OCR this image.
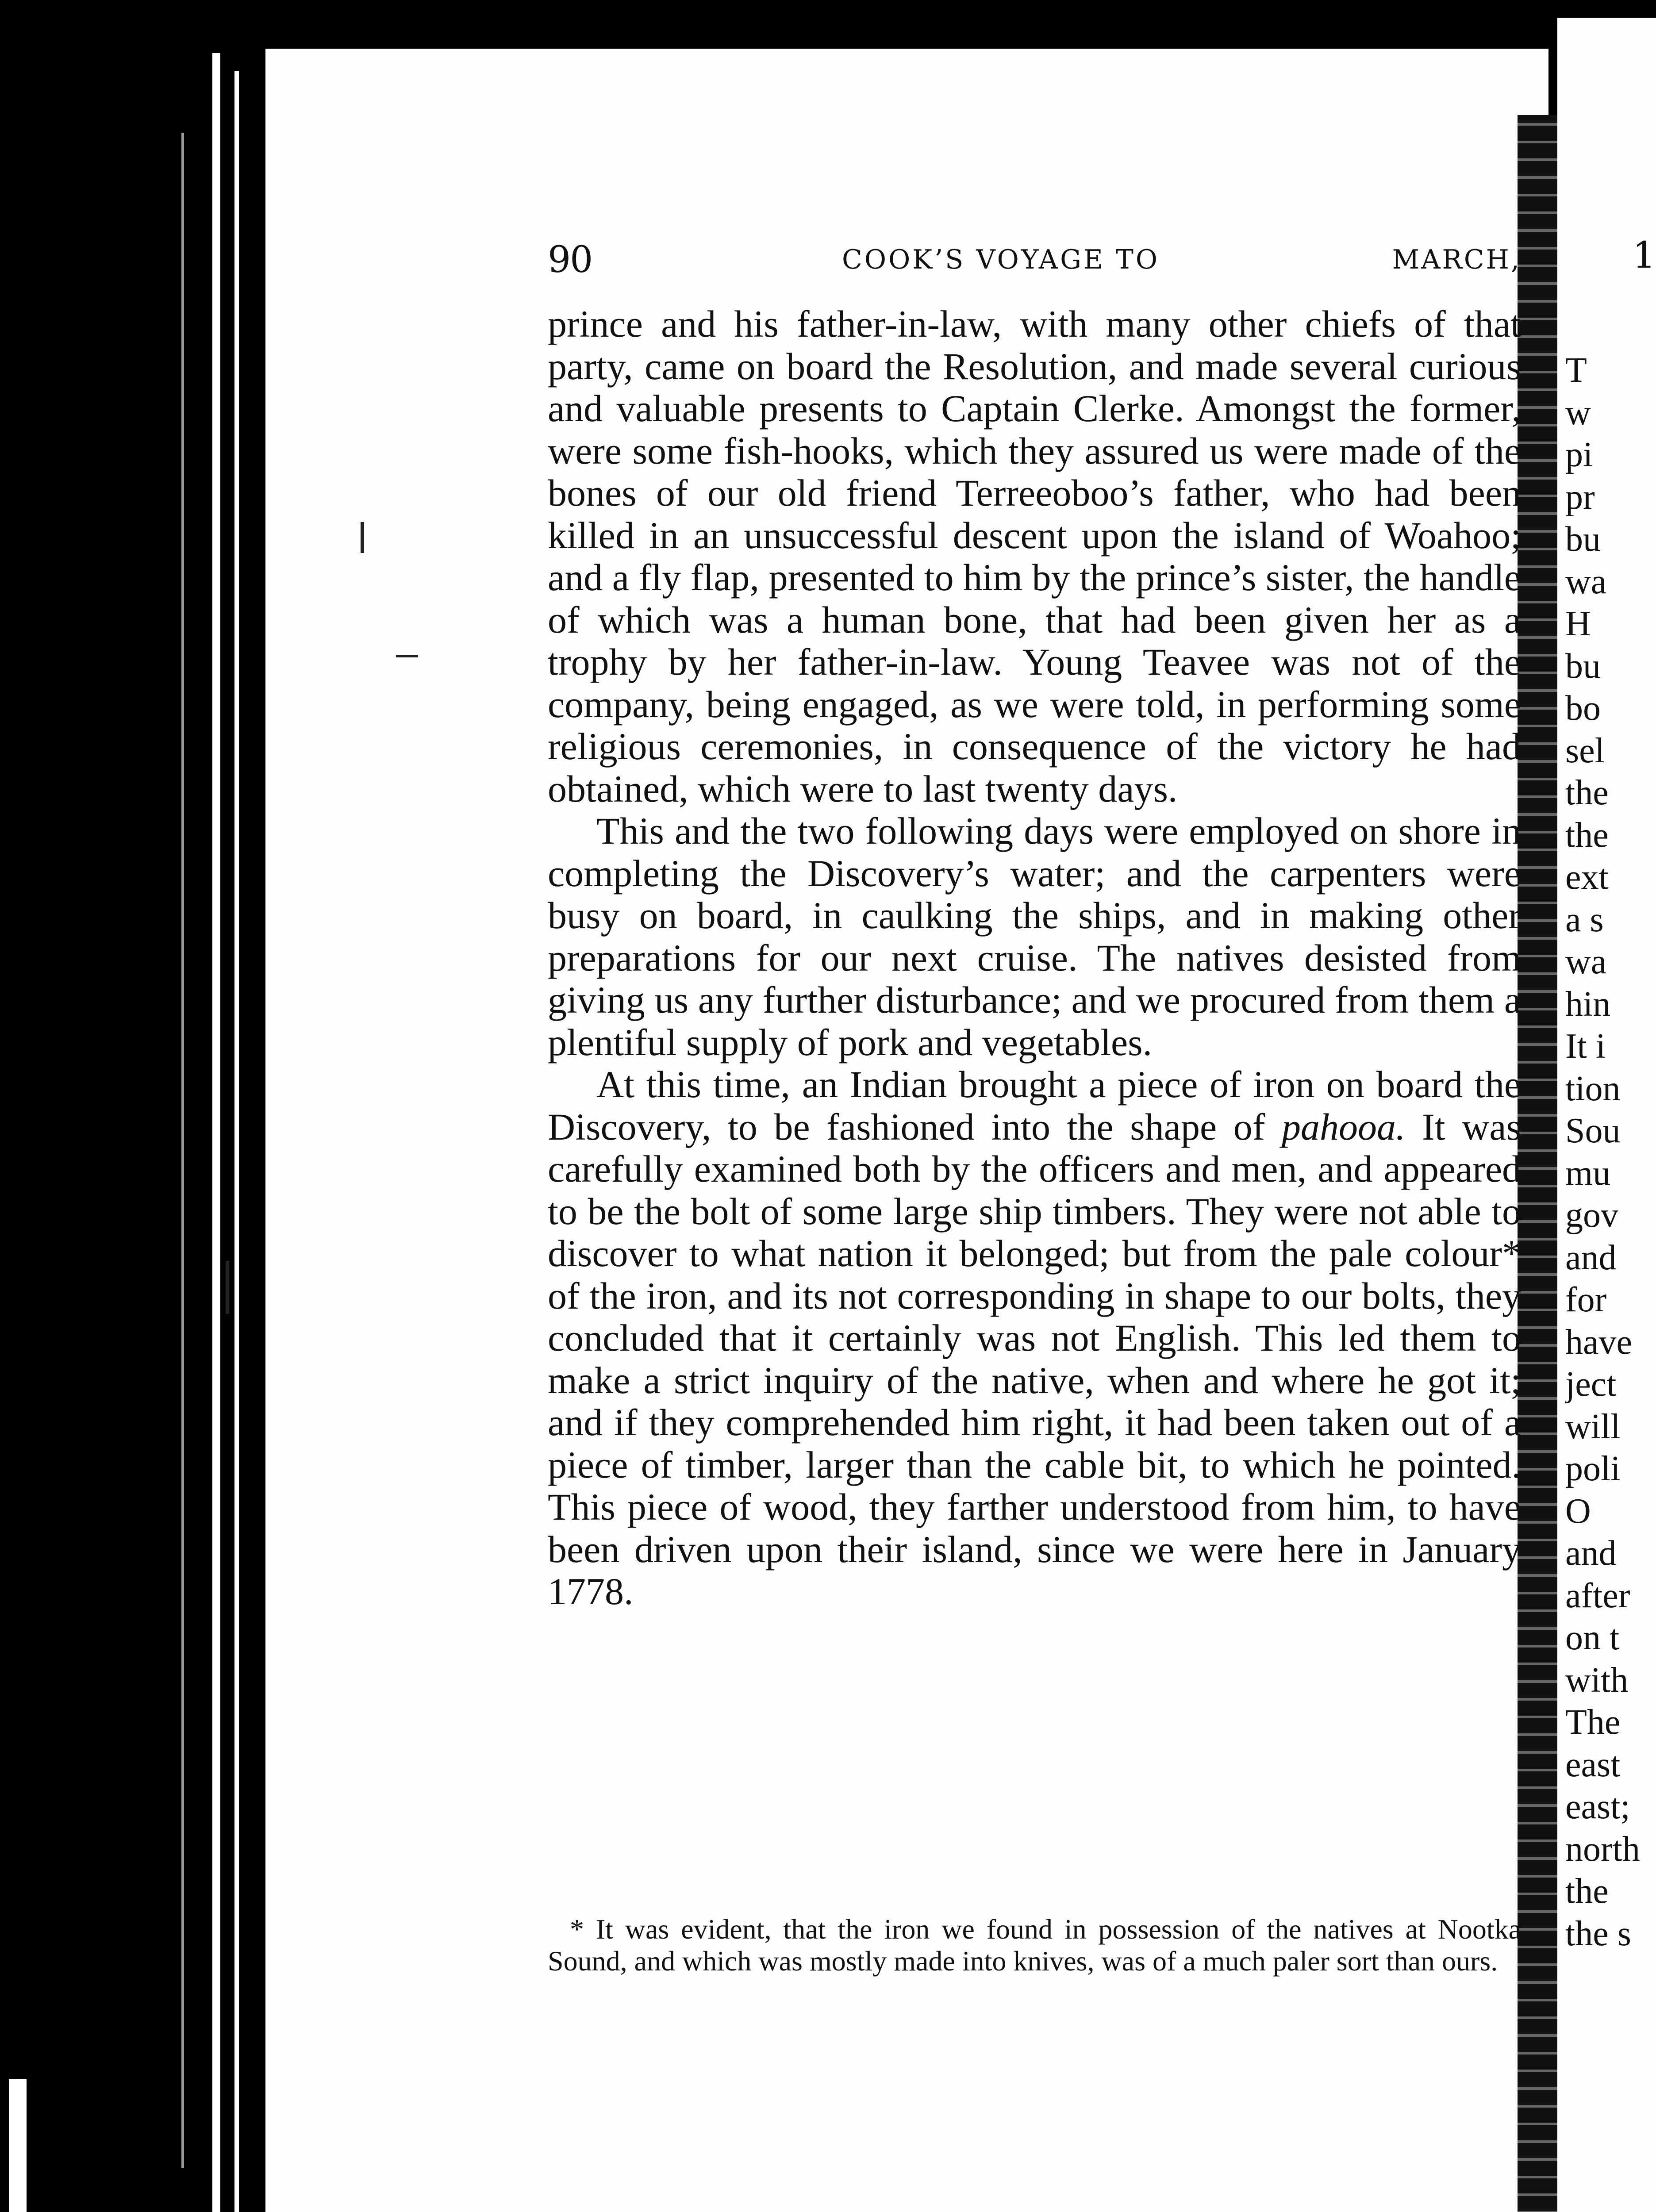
90	COOK’S VOYAGE TO	MARCH,

prince and his father-in-law, with many other chiefs of that party, came on board the Resolution, and made several curious and valuable presents to Captain Clerke. Amongst the former, were some fish-hooks, which they assured us were made of the bones of our old friend Terreeoboo’s father, who had been killed in an unsuccessful descent upon the island of Woahoo; and a fly flap, presented to him by the prince’s sister, the handle of which was a human bone, that had been given her as a trophy by her father-in-law. Young Teavee was not of the company, being engaged, as we were told, in performing some religious ceremonies, in consequence of the victory he had obtained, which were to last twenty days.

This and the two following days were employed on shore in completing the Discovery’s water; and the carpenters were busy on board, in caulking the ships, and in making other preparations for our next cruise. The natives desisted from giving us any further disturbance; and we procured from them a plentiful supply of pork and vegetables.

At this time, an Indian brought a piece of iron on board the Discovery, to be fashioned into the shape of pahooa. It was carefully examined both by the officers and men, and appeared to be the bolt of some large ship timbers. They were not able to discover to what nation it belonged; but from the pale colour* of the iron, and its not corresponding in shape to our bolts, they concluded that it certainly was not English. This led them to make a strict inquiry of the native, when and where he got it; and if they comprehended him right, it had been taken out of a piece of timber, larger than the cable bit, to which he pointed. This piece of wood, they farther understood from him, to have been driven upon their island, since we were here in January 1778.

* It was evident, that the iron we found in possession of the natives at Nootka Sound, and which was mostly made into knives, was of a much paler sort than ours.
1
T
w
pi
pr
bu
wa
H
bu
bo
sel
the
the
ext
a s
wa
hin
It i
tion
Sou
mu
gov
and
for
have
ject
will
poli
O
and
after
on t
with
The
east
east;
north
the
the s
